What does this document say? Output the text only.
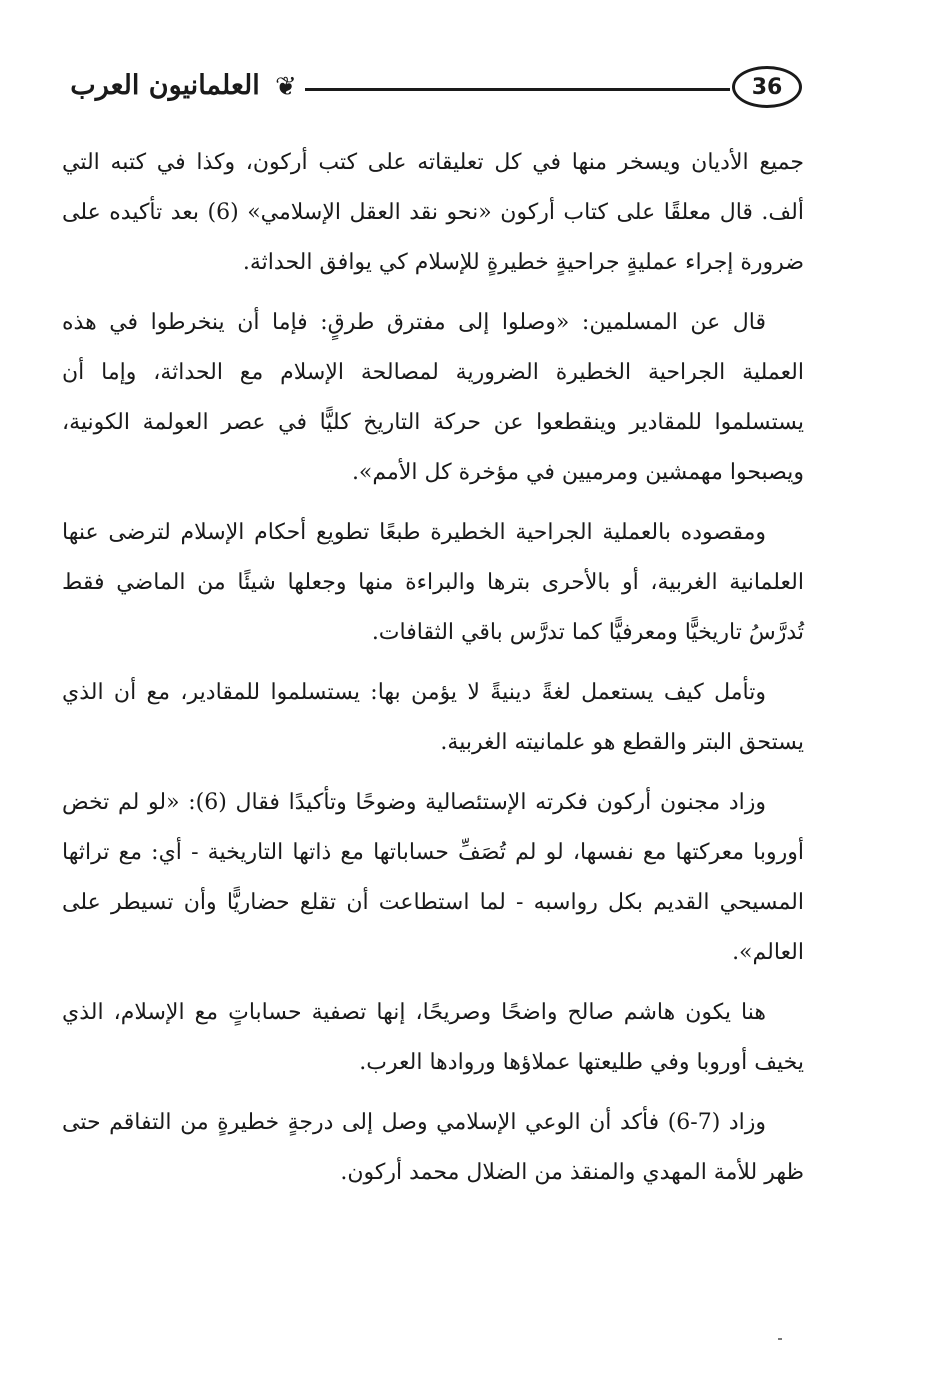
العلمانيون العرب ❦	36

جميع الأديان ويسخر منها في كل تعليقاته على كتب أركون، وكذا في كتبه التي ألف. قال معلقًا على كتاب أركون «نحو نقد العقل الإسلامي» (6) بعد تأكيده على ضرورة إجراء عمليةٍ جراحيةٍ خطيرةٍ للإسلام كي يوافق الحداثة.

قال عن المسلمين: «وصلوا إلى مفترق طرقٍ: فإما أن ينخرطوا في هذه العملية الجراحية الخطيرة الضرورية لمصالحة الإسلام مع الحداثة، وإما أن يستسلموا للمقادير وينقطعوا عن حركة التاريخ كليًّا في عصر العولمة الكونية، ويصبحوا مهمشين ومرميين في مؤخرة كل الأمم».

ومقصوده بالعملية الجراحية الخطيرة طبعًا تطويع أحكام الإسلام لترضى عنها العلمانية الغربية، أو بالأحرى بترها والبراءة منها وجعلها شيئًا من الماضي فقط تُدرَّسُ تاريخيًّا ومعرفيًّا كما تدرَّس باقي الثقافات.

وتأمل كيف يستعمل لغةً دينيةً لا يؤمن بها: يستسلموا للمقادير، مع أن الذي يستحق البتر والقطع هو علمانيته الغربية.

وزاد مجنون أركون فكرته الإستئصالية وضوحًا وتأكيدًا فقال (6): «لو لم تخض أوروبا معركتها مع نفسها، لو لم تُصَفِّ حساباتها مع ذاتها التاريخية - أي: مع تراثها المسيحي القديم بكل رواسبه - لما استطاعت أن تقلع حضاريًّا وأن تسيطر على العالم».

هنا يكون هاشم صالح واضحًا وصريحًا، إنها تصفية حساباتٍ مع الإسلام، الذي يخيف أوروبا وفي طليعتها عملاؤها وروادها العرب.

وزاد (7-6) فأكد أن الوعي الإسلامي وصل إلى درجةٍ خطيرةٍ من التفاقم حتى ظهر للأمة المهدي والمنقذ من الضلال محمد أركون.
